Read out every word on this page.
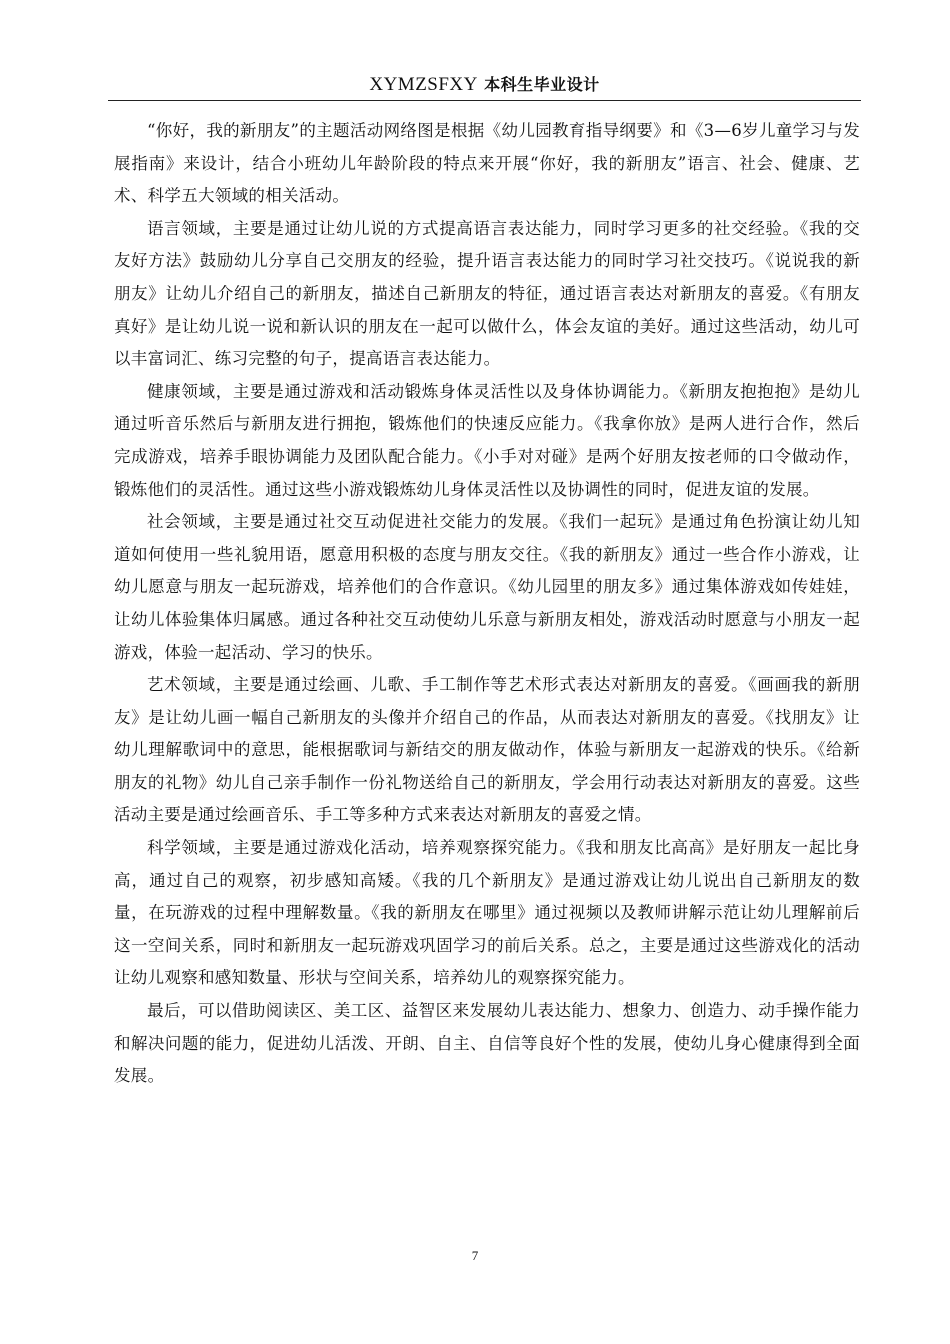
XYMZSFXY 本科生毕业设计

“你好，我的新朋友”的主题活动网络图是根据《幼儿园教育指导纲要》和《3—6岁儿童学习与发展指南》来设计，结合小班幼儿年龄阶段的特点来开展“你好，我的新朋友”语言、社会、健康、艺术、科学五大领域的相关活动。

语言领域，主要是通过让幼儿说的方式提高语言表达能力，同时学习更多的社交经验。《我的交友好方法》鼓励幼儿分享自己交朋友的经验，提升语言表达能力的同时学习社交技巧。《说说我的新朋友》让幼儿介绍自己的新朋友，描述自己新朋友的特征，通过语言表达对新朋友的喜爱。《有朋友真好》是让幼儿说一说和新认识的朋友在一起可以做什么，体会友谊的美好。通过这些活动，幼儿可以丰富词汇、练习完整的句子，提高语言表达能力。

健康领域，主要是通过游戏和活动锻炼身体灵活性以及身体协调能力。《新朋友抱抱抱》是幼儿通过听音乐然后与新朋友进行拥抱，锻炼他们的快速反应能力。《我拿你放》是两人进行合作，然后完成游戏，培养手眼协调能力及团队配合能力。《小手对对碰》是两个好朋友按老师的口令做动作，锻炼他们的灵活性。通过这些小游戏锻炼幼儿身体灵活性以及协调性的同时，促进友谊的发展。

社会领域，主要是通过社交互动促进社交能力的发展。《我们一起玩》是通过角色扮演让幼儿知道如何使用一些礼貌用语，愿意用积极的态度与朋友交往。《我的新朋友》通过一些合作小游戏，让幼儿愿意与朋友一起玩游戏，培养他们的合作意识。《幼儿园里的朋友多》通过集体游戏如传娃娃，让幼儿体验集体归属感。通过各种社交互动使幼儿乐意与新朋友相处，游戏活动时愿意与小朋友一起游戏，体验一起活动、学习的快乐。

艺术领域，主要是通过绘画、儿歌、手工制作等艺术形式表达对新朋友的喜爱。《画画我的新朋友》是让幼儿画一幅自己新朋友的头像并介绍自己的作品，从而表达对新朋友的喜爱。《找朋友》让幼儿理解歌词中的意思，能根据歌词与新结交的朋友做动作，体验与新朋友一起游戏的快乐。《给新朋友的礼物》幼儿自己亲手制作一份礼物送给自己的新朋友，学会用行动表达对新朋友的喜爱。这些活动主要是通过绘画音乐、手工等多种方式来表达对新朋友的喜爱之情。

科学领域，主要是通过游戏化活动，培养观察探究能力。《我和朋友比高高》是好朋友一起比身高，通过自己的观察，初步感知高矮。《我的几个新朋友》是通过游戏让幼儿说出自己新朋友的数量，在玩游戏的过程中理解数量。《我的新朋友在哪里》通过视频以及教师讲解示范让幼儿理解前后这一空间关系，同时和新朋友一起玩游戏巩固学习的前后关系。总之，主要是通过这些游戏化的活动让幼儿观察和感知数量、形状与空间关系，培养幼儿的观察探究能力。

最后，可以借助阅读区、美工区、益智区来发展幼儿表达能力、想象力、创造力、动手操作能力和解决问题的能力，促进幼儿活泼、开朗、自主、自信等良好个性的发展，使幼儿身心健康得到全面发展。

7
